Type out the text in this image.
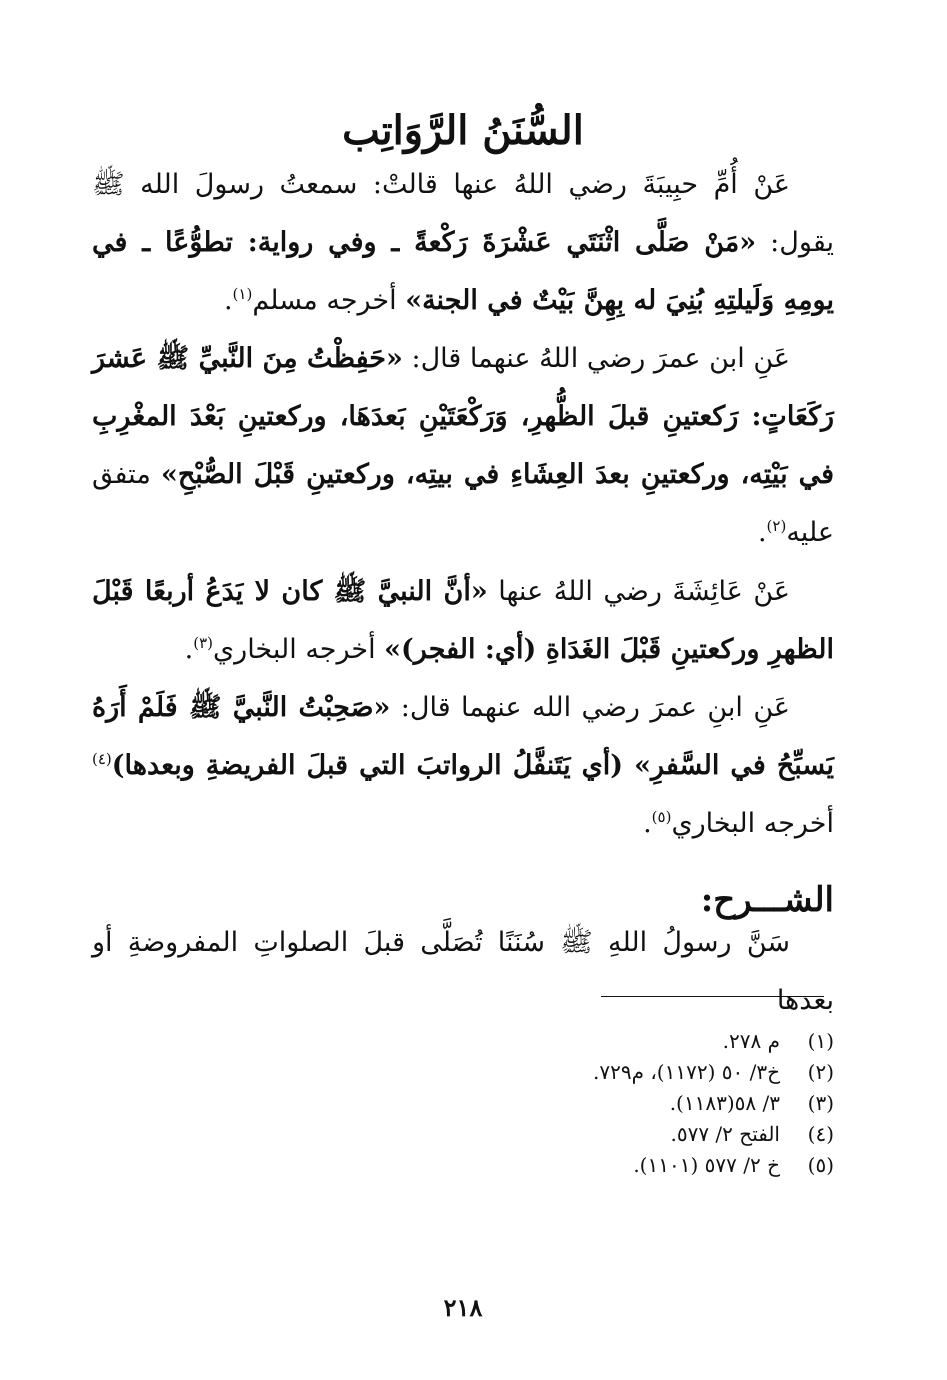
السُّنَنُ الرَّوَاتِب

عَنْ أُمِّ حبِيبَةَ رضي اللهُ عنها قالتْ: سمعتُ رسولَ الله ﷺ يقول: «مَنْ صَلَّى اثْنَتَي عَشْرَةَ رَكْعةً ـ وفي رواية: تطوُّعًا ـ في يومِهِ وَلَيلتِهِ بُنِيَ له بِهِنَّ بَيْتٌ في الجنة» أخرجه مسلم$^{(١)}$.

عَنِ ابن عمرَ رضي اللهُ عنهما قال: «حَفِظْتُ مِنَ النَّبيِّ ﷺ عَشرَ رَكَعَاتٍ: رَكعتينِ قبلَ الظُّهرِ، وَرَكْعَتَيْنِ بَعدَهَا، وركعتينِ بَعْدَ المغْرِبِ في بَيْتِه، وركعتينِ بعدَ العِشَاءِ في بيتِه، وركعتينِ قَبْلَ الصُّبْحِ» متفق عليه$^{(٢)}$.

عَنْ عَائِشَةَ رضي اللهُ عنها «أنَّ النبيَّ ﷺ كان لا يَدَعُ أربعًا قَبْلَ الظهرِ وركعتينِ قَبْلَ الغَدَاةِ (أي: الفجر)» أخرجه البخاري$^{(٣)}$.

عَنِ ابنِ عمرَ رضي الله عنهما قال: «صَحِبْتُ النَّبيَّ ﷺ فَلَمْ أَرَهُ يَسبِّحُ في السَّفرِ» (أي يَتَنفَّلُ الرواتبَ التي قبلَ الفريضةِ وبعدها)$^{(٤)}$ أخرجه البخاري$^{(٥)}$.

الشـــرح:

سَنَّ رسولُ اللهِ ﷺ سُنَنًا تُصَلَّى قبلَ الصلواتِ المفروضةِ أو بعدها

(١)م ٢٧٨.
(٢)خ٣/ ٥٠ (١١٧٢)، م٧٢٩.
(٣)٣/ ٥٨(١١٨٣).
(٤)الفتح ٢/ ٥٧٧.
(٥)خ ٢/ ٥٧٧ (١١٠١).
٢١٨
